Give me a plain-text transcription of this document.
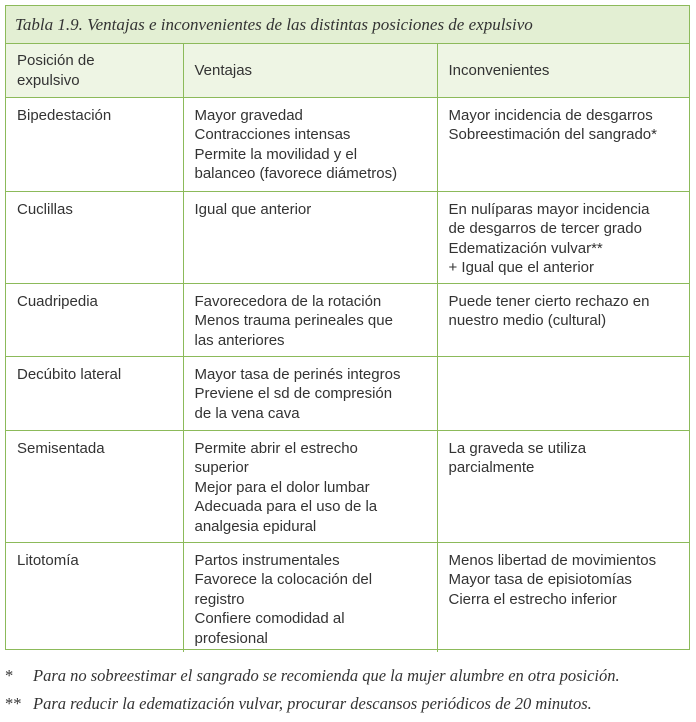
Tabla 1.9. Ventajas e inconvenientes de las distintas posiciones de expulsivo
Posición de
expulsivo	Ventajas	Inconvenientes

Bipedestación	Mayor gravedad
Contracciones intensas
Permite la movilidad y el
balanceo (favorece diámetros)	Mayor incidencia de desgarros
Sobreestimación del sangrado*

Cuclillas	Igual que anterior	En nulíparas mayor incidencia
de desgarros de tercer grado
Edematización vulvar**
+ Igual que el anterior

Cuadripedia	Favorecedora de la rotación
Menos trauma perineales que
las anteriores	Puede tener cierto rechazo en
nuestro medio (cultural)

Decúbito lateral	Mayor tasa de perinés integros
Previene el sd de compresión
de la vena cava	

Semisentada	Permite abrir el estrecho
superior
Mejor para el dolor lumbar
Adecuada para el uso de la
analgesia epidural	La graveda se utiliza
parcialmente

Litotomía	Partos instrumentales
Favorece la colocación del
registro
Confiere comodidad al
profesional	Menos libertad de movimientos
Mayor tasa de episiotomías
Cierra el estrecho inferior
* Para no sobreestimar el sangrado se recomienda que la mujer alumbre en otra posición.
** Para reducir la edematización vulvar, procurar descansos periódicos de 20 minutos.
